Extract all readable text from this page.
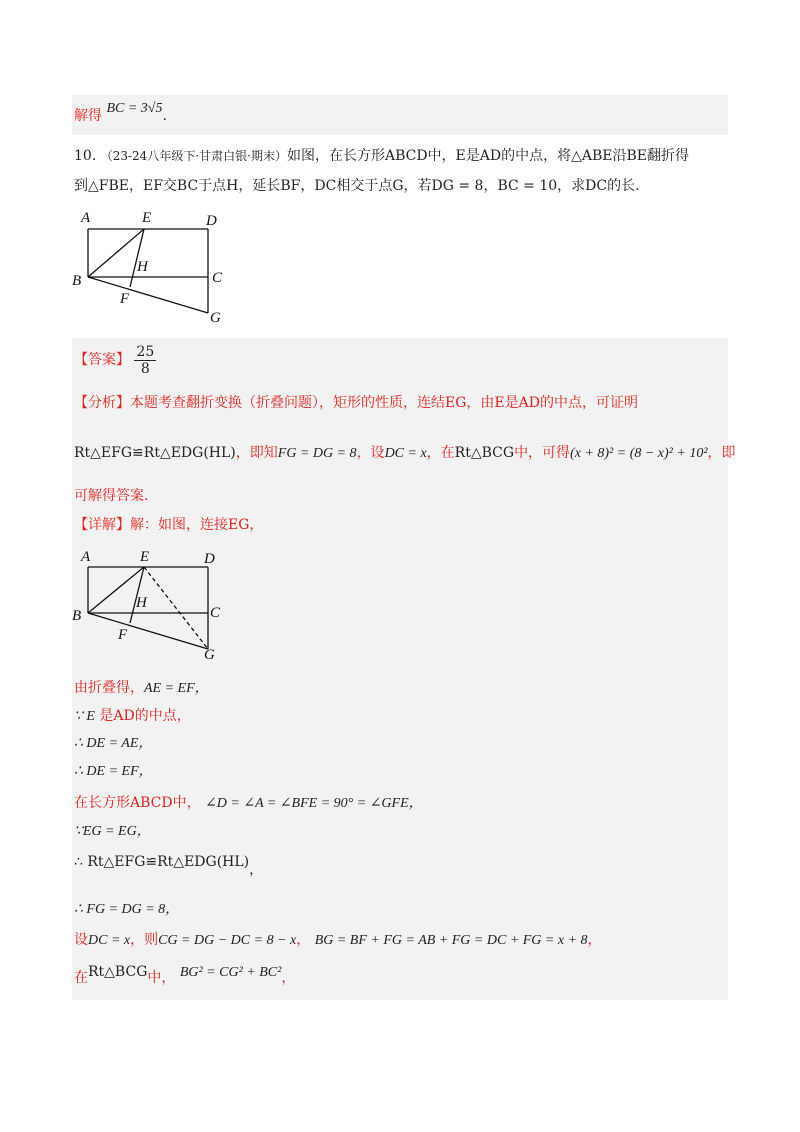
解得 BC = 3√5.
10. （23-24八年级下·甘肃白银·期末）如图，在长方形ABCD中，E是AD的中点，将△ABE沿BE翻折得
到△FBE，EF交BC于点H，延长BF，DC相交于点G，若DG = 8，BC = 10，求DC的长.
A	E	D
H
B	C
F
G
【答案】 $\frac{25}{8}$
【分析】本题考查翻折变换（折叠问题），矩形的性质，连结EG，由E是AD的中点，可证明
Rt△EFG≌Rt△EDG(HL)，即知FG = DG = 8，设DC = x，在Rt△BCG中，可得(x + 8)² = (8 − x)² + 10²，即
可解得答案.
【详解】解：如图，连接EG，
A	E	D
H
B	C
F
G
由折叠得，AE = EF，
∵ E 是AD的中点，
∴ DE = AE，
∴ DE = EF，
在长方形ABCD中， ∠D = ∠A = ∠BFE = 90° = ∠GFE，
∵EG = EG，
∴ Rt△EFG≌Rt△EDG(HL)，
∴ FG = DG = 8，
设DC = x，则CG = DG − DC = 8 − x， BG = BF + FG = AB + FG = DC + FG = x + 8，
在Rt△BCG中， BG² = CG² + BC²，
